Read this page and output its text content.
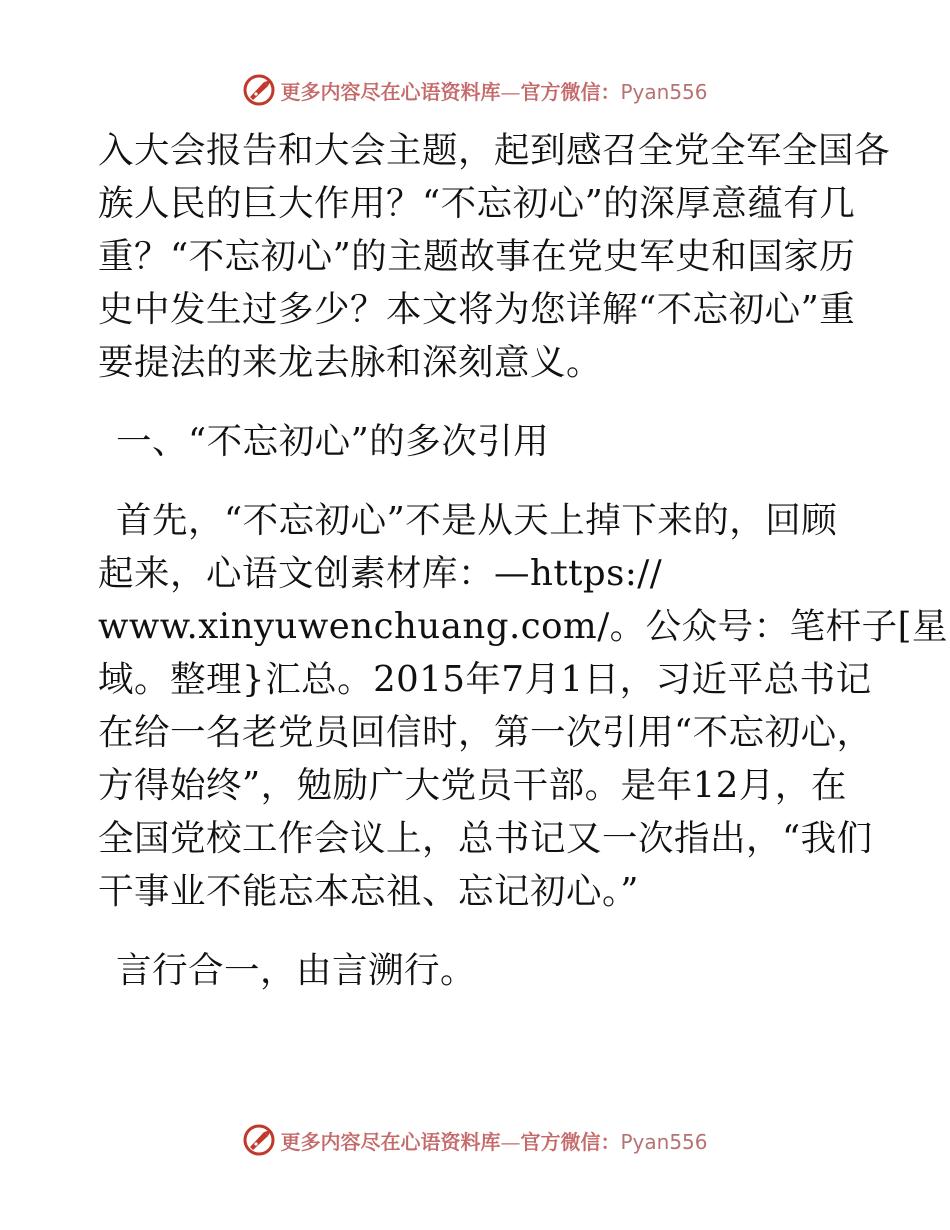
更多内容尽在心语资料库—官方微信：Pyan556

入大会报告和大会主题，起到感召全党全军全国各
族人民的巨大作用？“不忘初心”的深厚意蕴有几
重？“不忘初心”的主题故事在党史军史和国家历
史中发生过多少？本文将为您详解“不忘初心”重
要提法的来龙去脉和深刻意义。

一、“不忘初心”的多次引用

首先，“不忘初心”不是从天上掉下来的，回顾
起来，心语文创素材库：—https://
www.xinyuwenchuang.com/。公众号：笔杆子[星
域。整理}汇总。2015年7月1日，习近平总书记
在给一名老党员回信时，第一次引用“不忘初心，
方得始终”，勉励广大党员干部。是年12月，在
全国党校工作会议上，总书记又一次指出，“我们
干事业不能忘本忘祖、忘记初心。”

言行合一，由言溯行。

更多内容尽在心语资料库—官方微信：Pyan556
